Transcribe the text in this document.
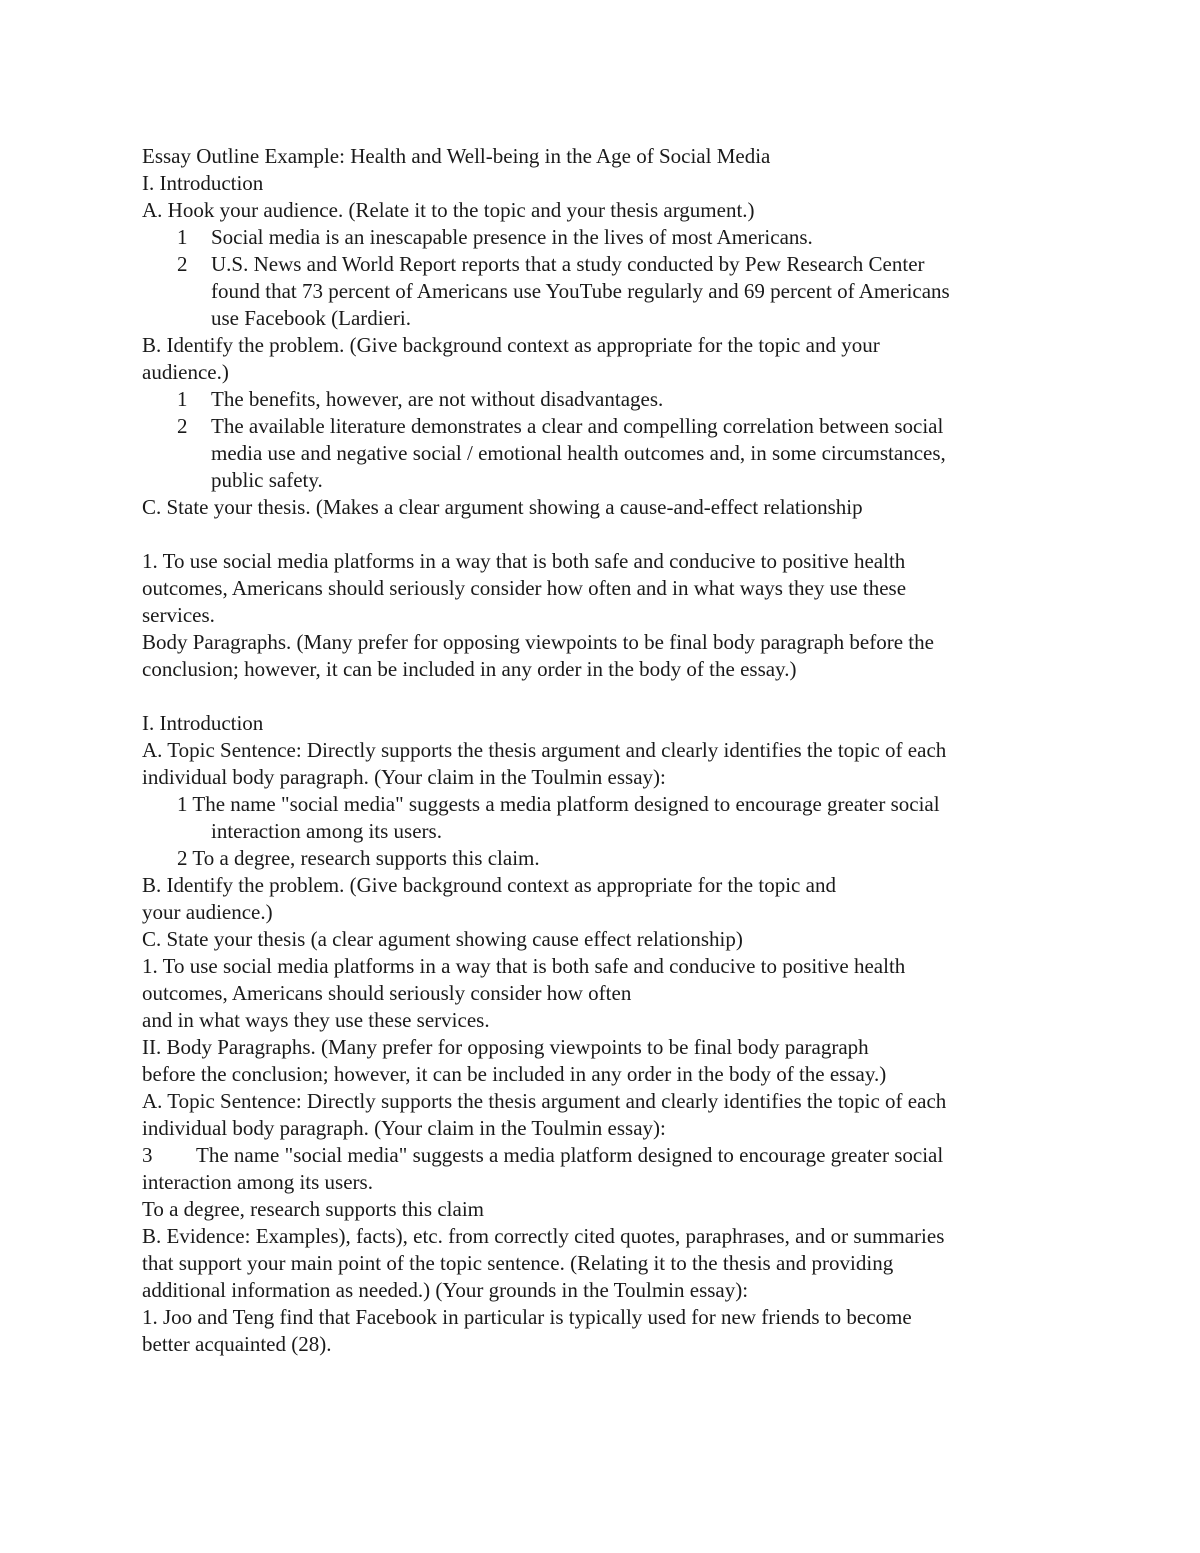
Essay Outline Example: Health and Well-being in the Age of Social Media
I. Introduction
A. Hook your audience. (Relate it to the topic and your thesis argument.)
1 Social media is an inescapable presence in the lives of most Americans.
2 U.S. News and World Report reports that a study conducted by Pew Research Center
found that 73 percent of Americans use YouTube regularly and 69 percent of Americans
use Facebook (Lardieri.
B. Identify the problem. (Give background context as appropriate for the topic and your
audience.)
1 The benefits, however, are not without disadvantages.
2 The available literature demonstrates a clear and compelling correlation between social
media use and negative social / emotional health outcomes and, in some circumstances,
public safety.
C. State your thesis. (Makes a clear argument showing a cause-and-effect relationship
1. To use social media platforms in a way that is both safe and conducive to positive health
outcomes, Americans should seriously consider how often and in what ways they use these
services.
Body Paragraphs. (Many prefer for opposing viewpoints to be final body paragraph before the
conclusion; however, it can be included in any order in the body of the essay.)
I. Introduction
A. Topic Sentence: Directly supports the thesis argument and clearly identifies the topic of each
individual body paragraph. (Your claim in the Toulmin essay):
1 The name "social media" suggests a media platform designed to encourage greater social
interaction among its users.
2 To a degree, research supports this claim.
B. Identify the problem. (Give background context as appropriate for the topic and
your audience.)
C. State your thesis (a clear agument showing cause effect relationship)
1. To use social media platforms in a way that is both safe and conducive to positive health
outcomes, Americans should seriously consider how often
and in what ways they use these services.
II. Body Paragraphs. (Many prefer for opposing viewpoints to be final body paragraph
before the conclusion; however, it can be included in any order in the body of the essay.)
A. Topic Sentence: Directly supports the thesis argument and clearly identifies the topic of each
individual body paragraph. (Your claim in the Toulmin essay):
3 The name "social media" suggests a media platform designed to encourage greater social
interaction among its users.
To a degree, research supports this claim
B. Evidence: Examples), facts), etc. from correctly cited quotes, paraphrases, and or summaries
that support your main point of the topic sentence. (Relating it to the thesis and providing
additional information as needed.) (Your grounds in the Toulmin essay):
1. Joo and Teng find that Facebook in particular is typically used for new friends to become
better acquainted (28).
